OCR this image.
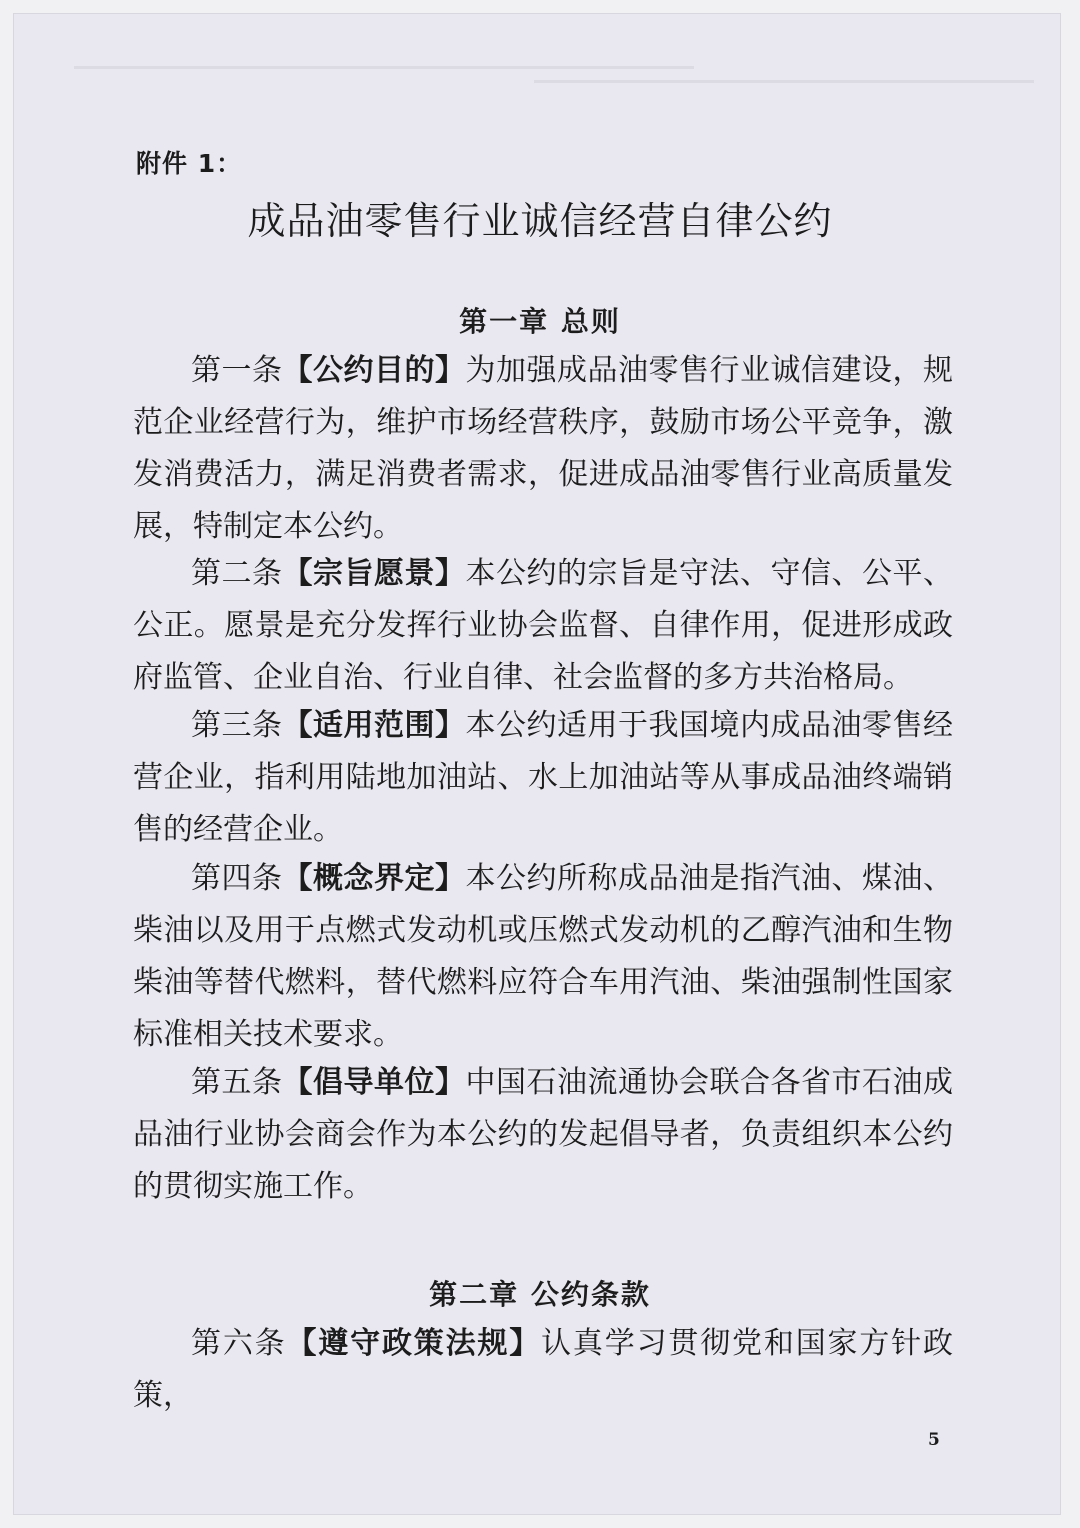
附件 1：
成品油零售行业诚信经营自律公约
第一章 总则
第一条【公约目的】为加强成品油零售行业诚信建设，规范企业经营行为，维护市场经营秩序，鼓励市场公平竞争，激发消费活力，满足消费者需求，促进成品油零售行业高质量发展，特制定本公约。
第二条【宗旨愿景】本公约的宗旨是守法、守信、公平、公正。愿景是充分发挥行业协会监督、自律作用，促进形成政府监管、企业自治、行业自律、社会监督的多方共治格局。
第三条【适用范围】本公约适用于我国境内成品油零售经营企业，指利用陆地加油站、水上加油站等从事成品油终端销售的经营企业。
第四条【概念界定】本公约所称成品油是指汽油、煤油、柴油以及用于点燃式发动机或压燃式发动机的乙醇汽油和生物柴油等替代燃料，替代燃料应符合车用汽油、柴油强制性国家标准相关技术要求。
第五条【倡导单位】中国石油流通协会联合各省市石油成品油行业协会商会作为本公约的发起倡导者，负责组织本公约的贯彻实施工作。
第二章 公约条款
第六条【遵守政策法规】认真学习贯彻党和国家方针政策，
5
